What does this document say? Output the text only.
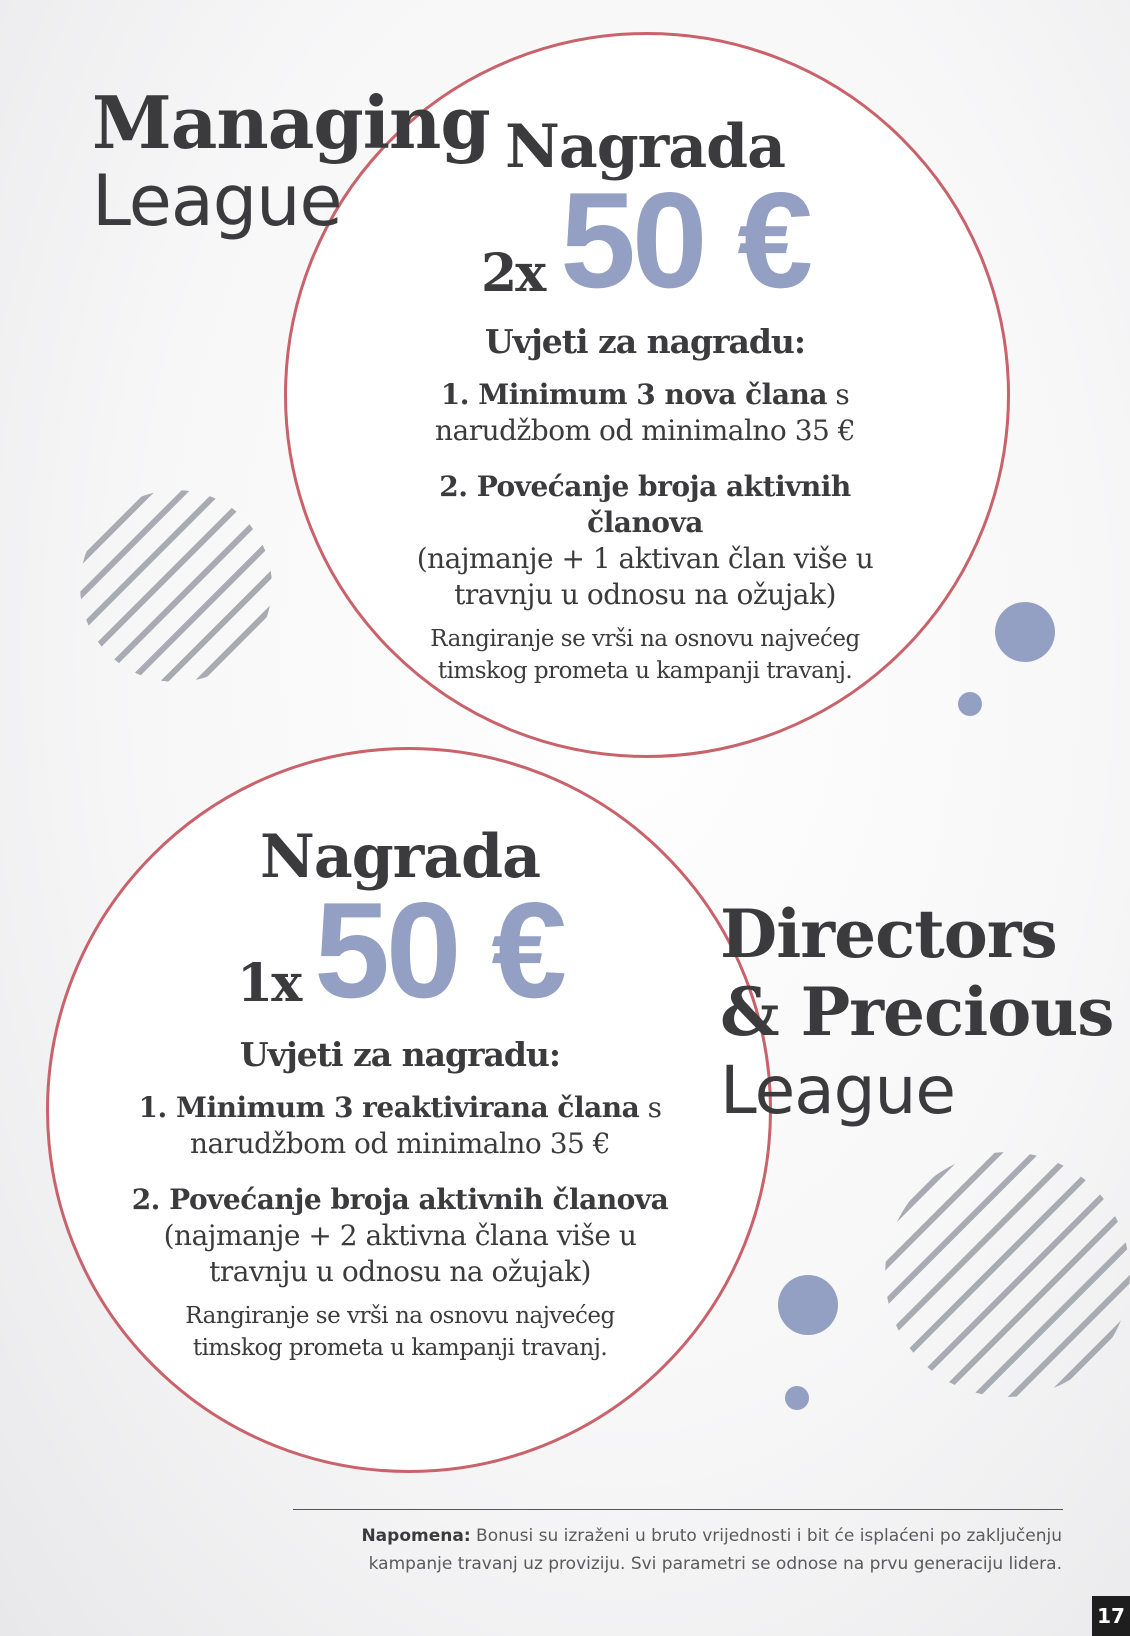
Managing
League
Nagrada
2x 50 €
Uvjeti za nagradu:
1. Minimum 3 nova člana s
narudžbom od minimalno 35 €
2. Povećanje broja aktivnih članova
(najmanje + 1 aktivan član više u
travnju u odnosu na ožujak)
Rangiranje se vrši na osnovu najvećeg
timskog prometa u kampanji travanj.
Nagrada
1x 50 €
Uvjeti za nagradu:
1. Minimum 3 reaktivirana člana s
narudžbom od minimalno 35 €
2. Povećanje broja aktivnih članova
(najmanje + 2 aktivna člana više u
travnju u odnosu na ožujak)
Rangiranje se vrši na osnovu najvećeg
timskog prometa u kampanji travanj.
Directors
& Precious
League
Napomena: Bonusi su izraženi u bruto vrijednosti i bit će isplaćeni po zaključenju
kampanje travanj uz proviziju. Svi parametri se odnose na prvu generaciju lidera.
17
